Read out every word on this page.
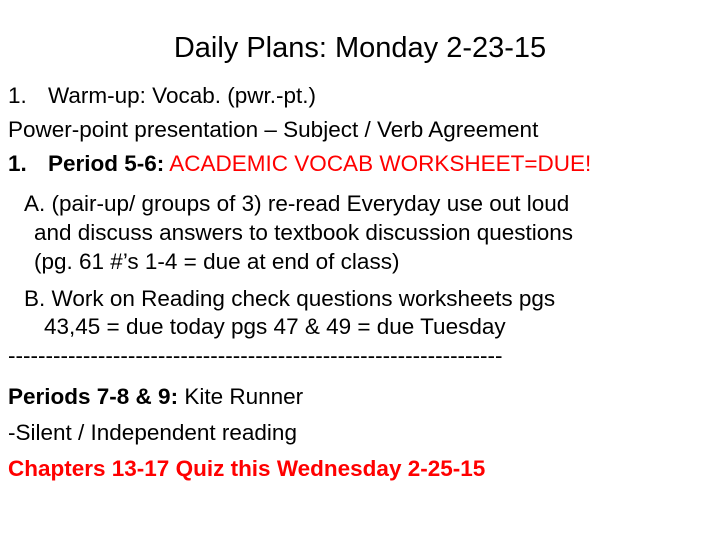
Daily Plans: Monday 2-23-15
1. Warm-up: Vocab. (pwr.-pt.)
Power-point presentation – Subject / Verb Agreement
1. Period 5-6: ACADEMIC VOCAB WORKSHEET=DUE!
A. (pair-up/ groups of 3) re-read Everyday use out loud
and discuss answers to textbook discussion questions
(pg. 61 #’s 1-4 = due at end of class)
B. Work on Reading check questions worksheets pgs
43,45 = due today pgs 47 & 49 = due Tuesday
------------------------------------------------------------------
Periods 7-8 & 9: Kite Runner
-Silent / Independent reading
Chapters 13-17 Quiz this Wednesday 2-25-15
